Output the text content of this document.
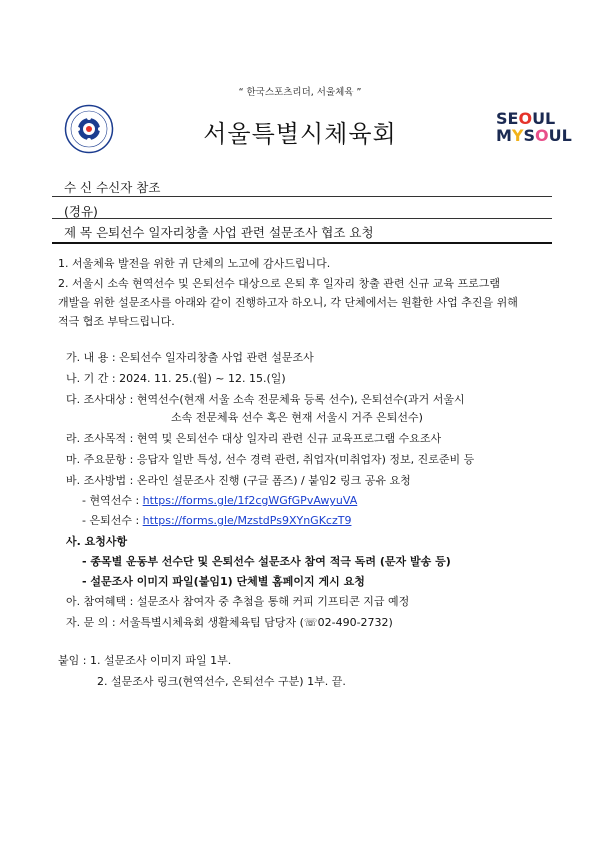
“ 한국스포츠리더, 서울체육 ”
서울특별시체육회
SEOUL
MYSOUL
수 신 수신자 참조
(경유)
제 목 은퇴선수 일자리창출 사업 관련 설문조사 협조 요청
1. 서울체육 발전을 위한 귀 단체의 노고에 감사드립니다.
2. 서울시 소속 현역선수 및 은퇴선수 대상으로 은퇴 후 일자리 창출 관련 신규 교육 프로그램
개발을 위한 설문조사를 아래와 같이 진행하고자 하오니, 각 단체에서는 원활한 사업 추진을 위해
적극 협조 부탁드립니다.
가. 내 용 : 은퇴선수 일자리창출 사업 관련 설문조사
나. 기 간 : 2024. 11. 25.(월) ~ 12. 15.(일)
다. 조사대상 : 현역선수(현재 서울 소속 전문체육 등록 선수), 은퇴선수(과거 서울시
소속 전문체육 선수 혹은 현재 서울시 거주 은퇴선수)
라. 조사목적 : 현역 및 은퇴선수 대상 일자리 관련 신규 교육프로그램 수요조사
마. 주요문항 : 응답자 일반 특성, 선수 경력 관련, 취업자(미취업자) 정보, 진로준비 등
바. 조사방법 : 온라인 설문조사 진행 (구글 폼즈) / 붙임2 링크 공유 요청
- 현역선수 : https://forms.gle/1f2cgWGfGPvAwyuVA
- 은퇴선수 : https://forms.gle/MzstdPs9XYnGKczT9
사. 요청사항
- 종목별 운동부 선수단 및 은퇴선수 설문조사 참여 적극 독려 (문자 발송 등)
- 설문조사 이미지 파일(붙임1) 단체별 홈페이지 게시 요청
아. 참여혜택 : 설문조사 참여자 중 추첨을 통해 커피 기프티콘 지급 예정
자. 문 의 : 서울특별시체육회 생활체육팀 담당자 (☏02-490-2732)
붙임 : 1. 설문조사 이미지 파일 1부.
2. 설문조사 링크(현역선수, 은퇴선수 구분) 1부. 끝.
